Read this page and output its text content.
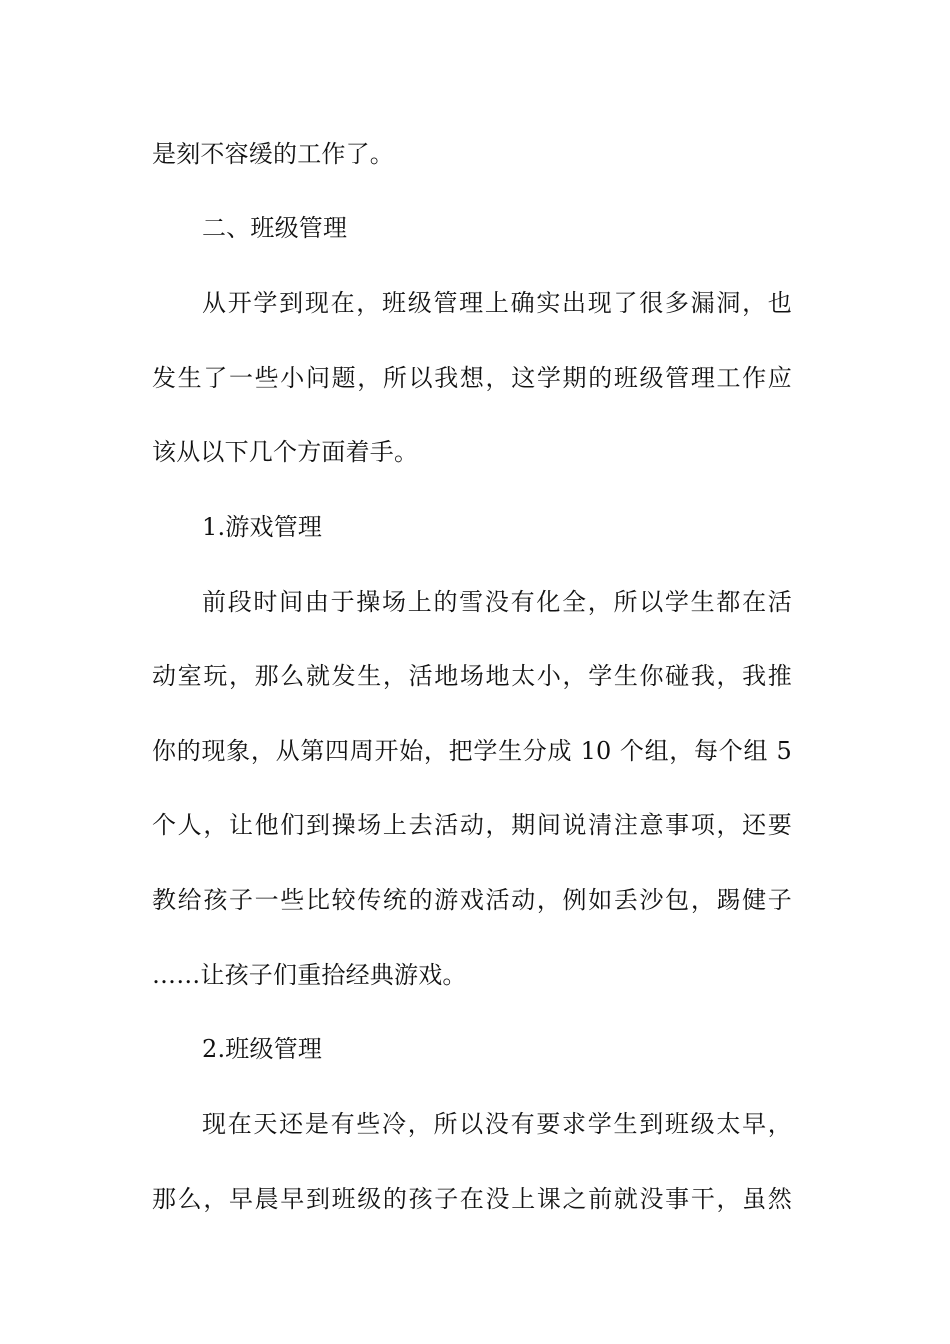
是刻不容缓的工作了。
二、班级管理
从开学到现在，班级管理上确实出现了很多漏洞，也
发生了一些小问题，所以我想，这学期的班级管理工作应
该从以下几个方面着手。
1.游戏管理
前段时间由于操场上的雪没有化全，所以学生都在活
动室玩，那么就发生，活地场地太小，学生你碰我，我推
你的现象，从第四周开始，把学生分成 10 个组，每个组 5
个人，让他们到操场上去活动，期间说清注意事项，还要
教给孩子一些比较传统的游戏活动，例如丢沙包，踢健子
……让孩子们重拾经典游戏。
2.班级管理
现在天还是有些冷，所以没有要求学生到班级太早，
那么，早晨早到班级的孩子在没上课之前就没事干，虽然
